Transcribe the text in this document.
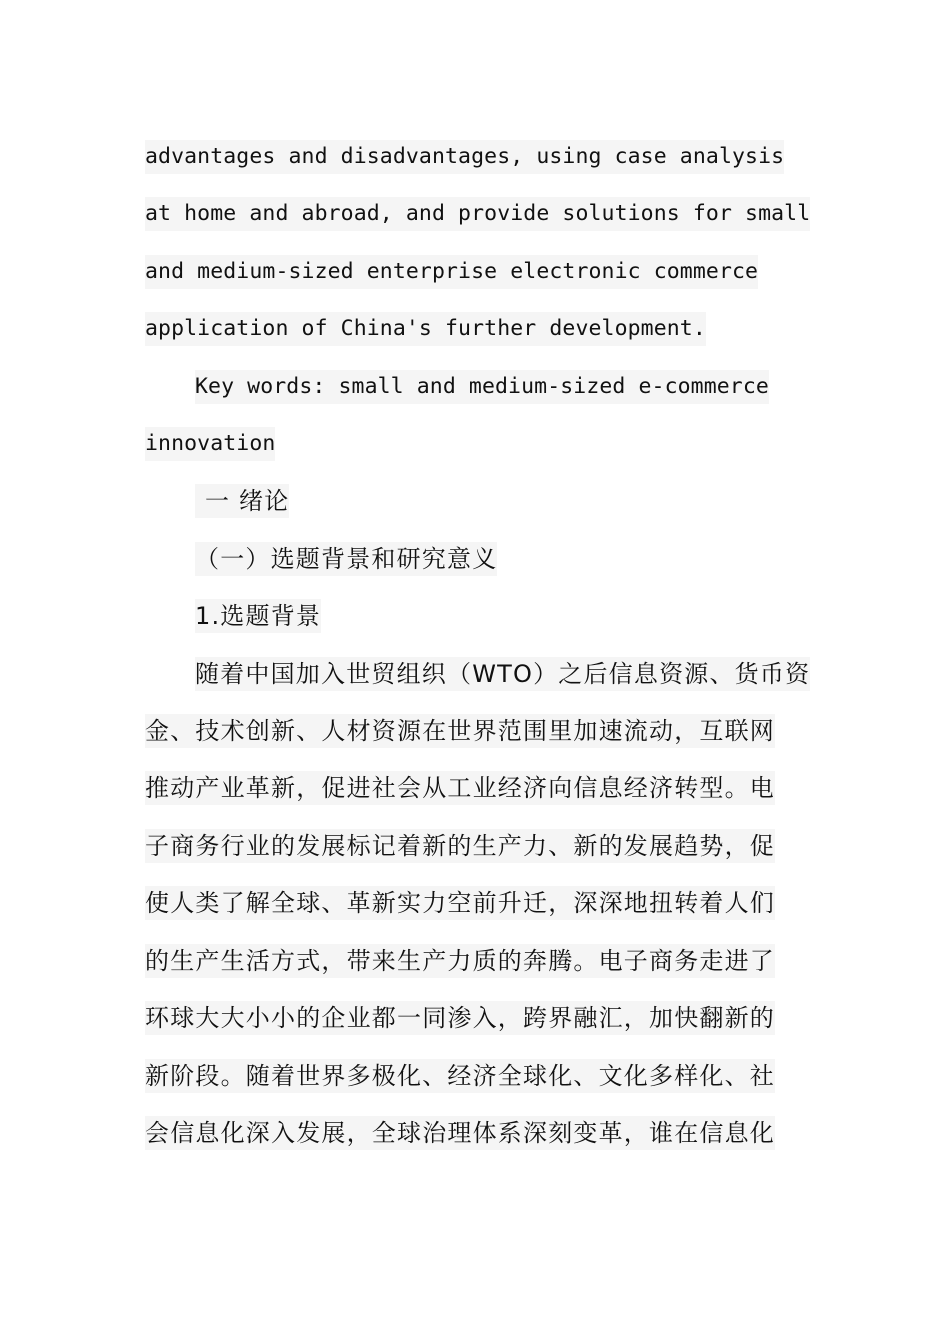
advantages and disadvantages, using case analysis
at home and abroad, and provide solutions for small
and medium-sized enterprise electronic commerce
application of China's further development.
Key words: small and medium-sized e-commerce
innovation
一 绪论
（一）选题背景和研究意义
1.选题背景
随着中国加入世贸组织（WTO）之后信息资源、货币资
金、技术创新、人材资源在世界范围里加速流动，互联网
推动产业革新，促进社会从工业经济向信息经济转型。电
子商务行业的发展标记着新的生产力、新的发展趋势，促
使人类了解全球、革新实力空前升迁，深深地扭转着人们
的生产生活方式，带来生产力质的奔腾。电子商务走进了
环球大大小小的企业都一同渗入，跨界融汇，加快翻新的
新阶段。随着世界多极化、经济全球化、文化多样化、社
会信息化深入发展，全球治理体系深刻变革，谁在信息化
